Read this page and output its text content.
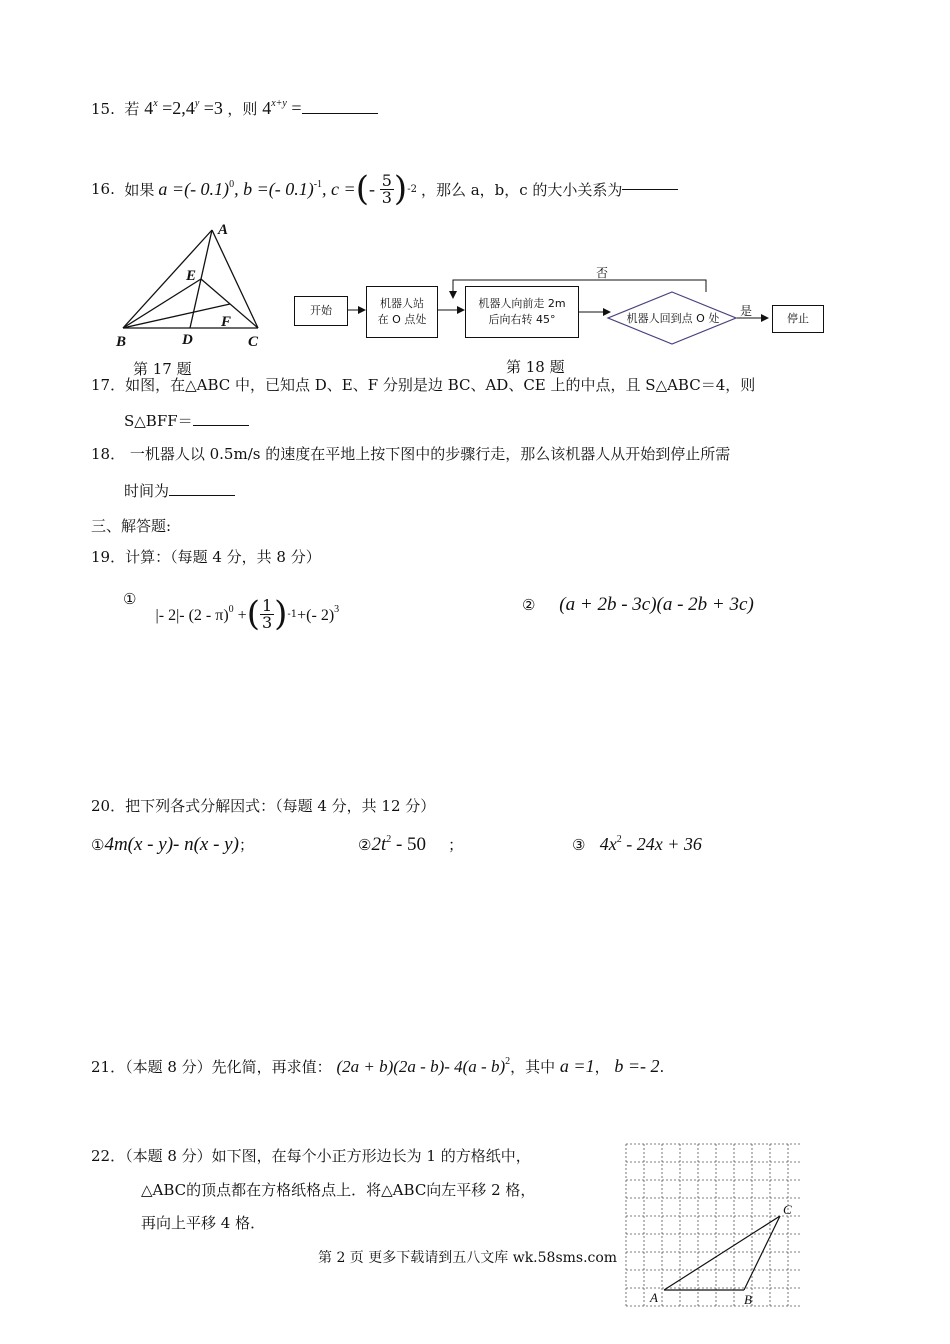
15. 若 $4^x =2,4^y =3$ ，则 $4^{x+y}$ =
16.
如果 a =(- 0.1)$^0$, b =(- 0.1)$^{-1}$, c = ( -
$\frac{5}{3}$ ) -2 ，那么 a，b，c 的大小关系为
A
B	C
D
E
F
第 17 题
开始
机器人站
在 O 点处
机器人向前走 2m
后向右转 45°	机器人回到点 O 处
否
是
停止
第 18 题
17．如图，在△ABC 中，已知点 D、E、F 分别是边 BC、AD、CE 上的中点，且 S△ABC＝4，则
S△BFF＝
18． 一机器人以 0.5m/s 的速度在平地上按下图中的步骤行走，那么该机器人从开始到停止所需
时间为
三、解答题:
19．计算：（每题 4 分，共 8 分）
①

|- 2|- (2 - π)$^0$ + ( $\frac{1}{3}$ ) -1 +(- 2)$^3$	② (a + 2b - 3c)(a - 2b + 3c)
20．把下列各式分解因式：（每题 4 分，共 12 分）
①4m(x - y)- n(x - y)；	$②2t^2 - 50$ ；	③ $4x^2 - 24x + 36$
21．（本题 8 分）先化简，再求值： (2a + b)(2a - b)- 4(a - b)$^2$，其中 a =1， b =- 2.
22．（本题 8 分）如下图，在每个小正方形边长为 1 的方格纸中，
△ABC的顶点都在方格纸格点上．将△ABC向左平移 2 格，
再向上平移 4 格．
A	B
C
第 2 页 更多下载请到五八文库 wk.58sms.com
